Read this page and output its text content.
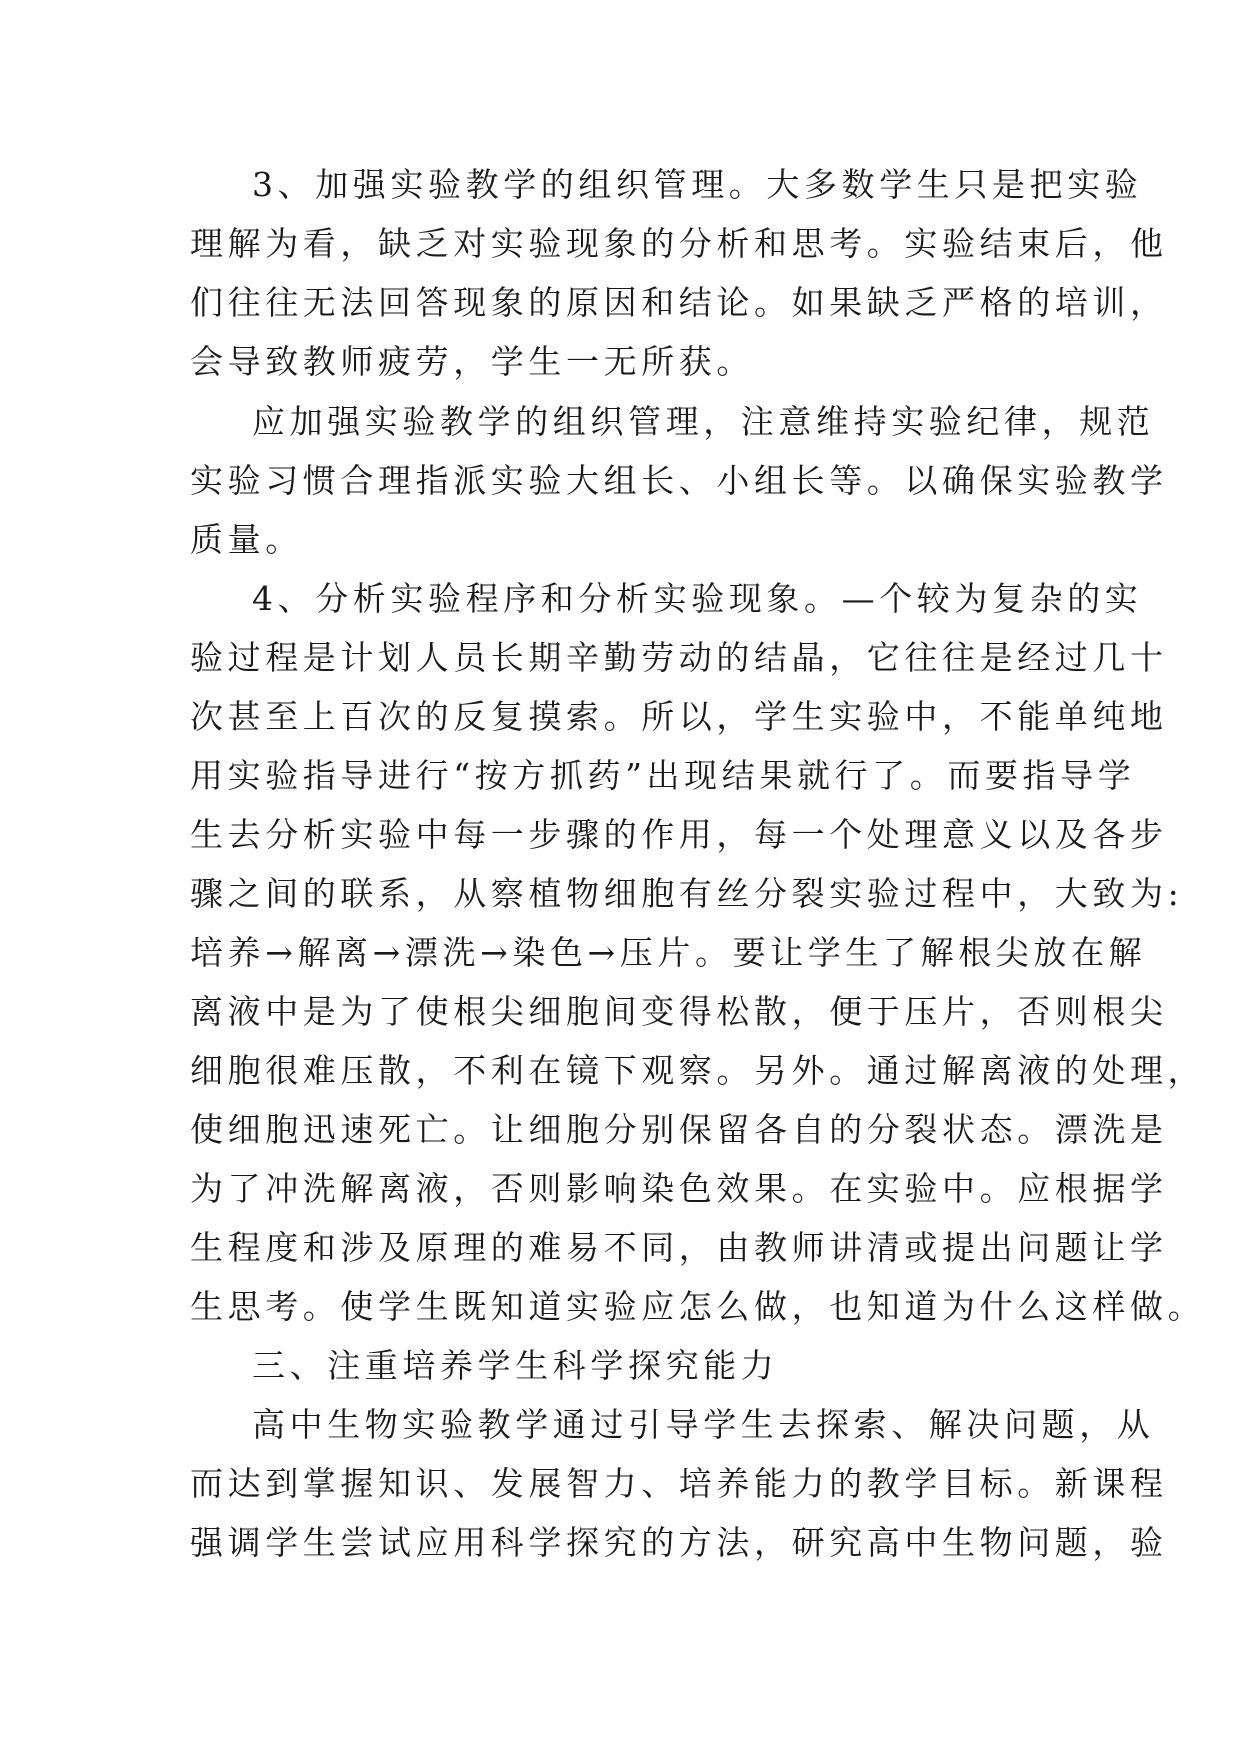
3、加强实验教学的组织管理。大多数学生只是把实验
理解为看，缺乏对实验现象的分析和思考。实验结束后，他
们往往无法回答现象的原因和结论。如果缺乏严格的培训，
会导致教师疲劳，学生一无所获。
应加强实验教学的组织管理，注意维持实验纪律，规范
实验习惯合理指派实验大组长、小组长等。以确保实验教学
质量。
4、分析实验程序和分析实验现象。—个较为复杂的实
验过程是计划人员长期辛勤劳动的结晶，它往往是经过几十
次甚至上百次的反复摸索。所以，学生实验中，不能单纯地
用实验指导进行“按方抓药”出现结果就行了。而要指导学
生去分析实验中每一步骤的作用，每一个处理意义以及各步
骤之间的联系，从察植物细胞有丝分裂实验过程中，大致为:
培养→解离→漂洗→染色→压片。要让学生了解根尖放在解
离液中是为了使根尖细胞间变得松散，便于压片，否则根尖
细胞很难压散，不利在镜下观察。另外。通过解离液的处理，
使细胞迅速死亡。让细胞分别保留各自的分裂状态。漂洗是
为了冲洗解离液，否则影响染色效果。在实验中。应根据学
生程度和涉及原理的难易不同，由教师讲清或提出问题让学
生思考。使学生既知道实验应怎么做，也知道为什么这样做。
三、注重培养学生科学探究能力
高中生物实验教学通过引导学生去探索、解决问题，从
而达到掌握知识、发展智力、培养能力的教学目标。新课程
强调学生尝试应用科学探究的方法，研究高中生物问题，验
